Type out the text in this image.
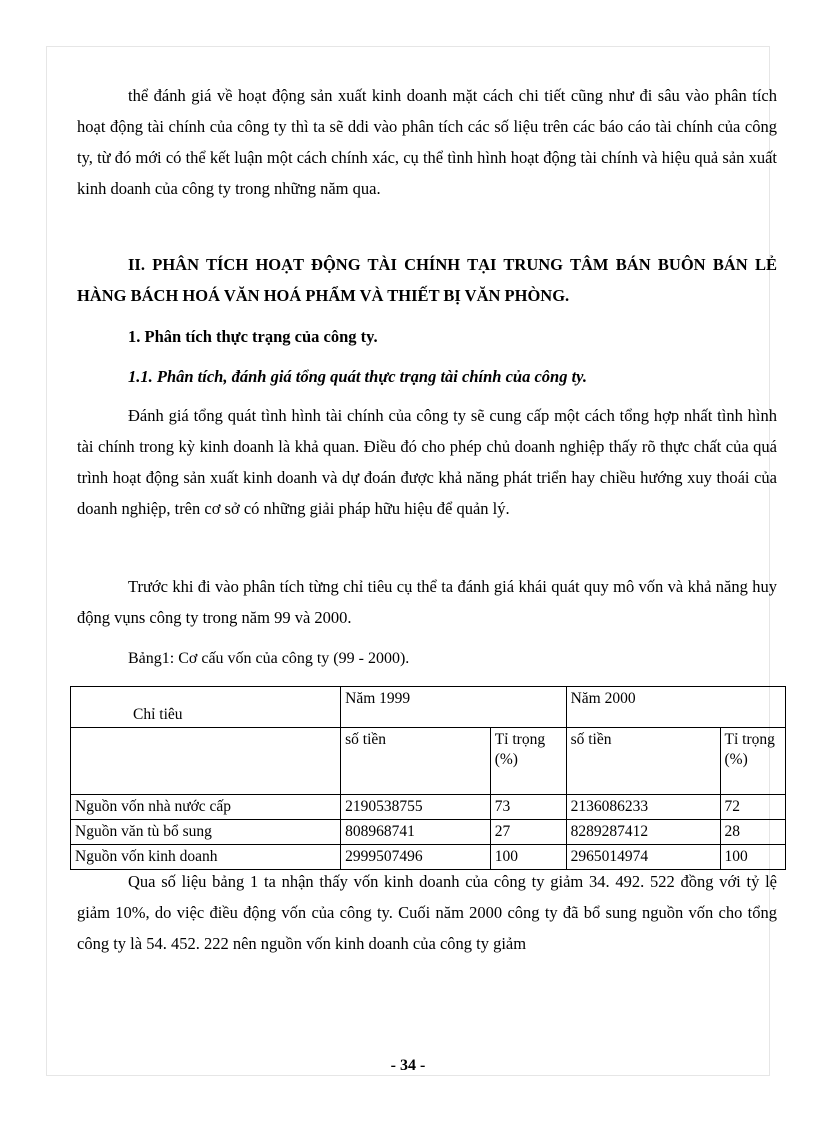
thể đánh giá về hoạt động sản xuất kinh doanh mặt cách chi tiết cũng như đi sâu vào phân tích hoạt động tài chính của công ty thì ta sẽ ddi vào phân tích các số liệu trên các báo cáo tài chính của công ty, từ đó mới có thể kết luận một cách chính xác, cụ thể tình hình hoạt động tài chính và hiệu quả sản xuất kinh doanh của công ty trong những năm qua.

II. PHÂN TÍCH HOẠT ĐỘNG TÀI CHÍNH TẠI TRUNG TÂM BÁN BUÔN BÁN LẺ HÀNG BÁCH HOÁ VĂN HOÁ PHẨM VÀ THIẾT BỊ VĂN PHÒNG.

1. Phân tích thực trạng của công ty.

1.1. Phân tích, đánh giá tổng quát thực trạng tài chính của công ty.

Đánh giá tổng quát tình hình tài chính của công ty sẽ cung cấp một cách tổng hợp nhất tình hình tài chính trong kỳ kinh doanh là khả quan. Điều đó cho phép chủ doanh nghiệp thấy rõ thực chất của quá trình hoạt động sản xuất kinh doanh và dự đoán được khả năng phát triển hay chiều hướng xuy thoái của doanh nghiệp, trên cơ sở có những giải pháp hữu hiệu để quản lý.

Trước khi đi vào phân tích từng chỉ tiêu cụ thể ta đánh giá khái quát quy mô vốn và khả năng huy động vụns công ty trong năm 99 và 2000.

Bảng1: Cơ cấu vốn của công ty (99 - 2000).

Chỉ tiêu	Năm 1999		Năm 2000	
	số tiền	Tỉ trọng (%)	số tiền	Tỉ trọng (%)
Nguồn vốn nhà nước cấp	2190538755	73	2136086233	72
Nguồn văn tù bổ sung	808968741	27	8289287412	28
Nguồn vốn kinh doanh	2999507496	100	2965014974	100

Qua số liệu bảng 1 ta nhận thấy vốn kinh doanh của công ty giảm 34. 492. 522 đồng với tỷ lệ giảm 10%, do việc điều động vốn của công ty. Cuối năm 2000 công ty đã bổ sung nguồn vốn cho tổng công ty là 54. 452. 222 nên nguồn vốn kinh doanh của công ty giảm

- 34 -
